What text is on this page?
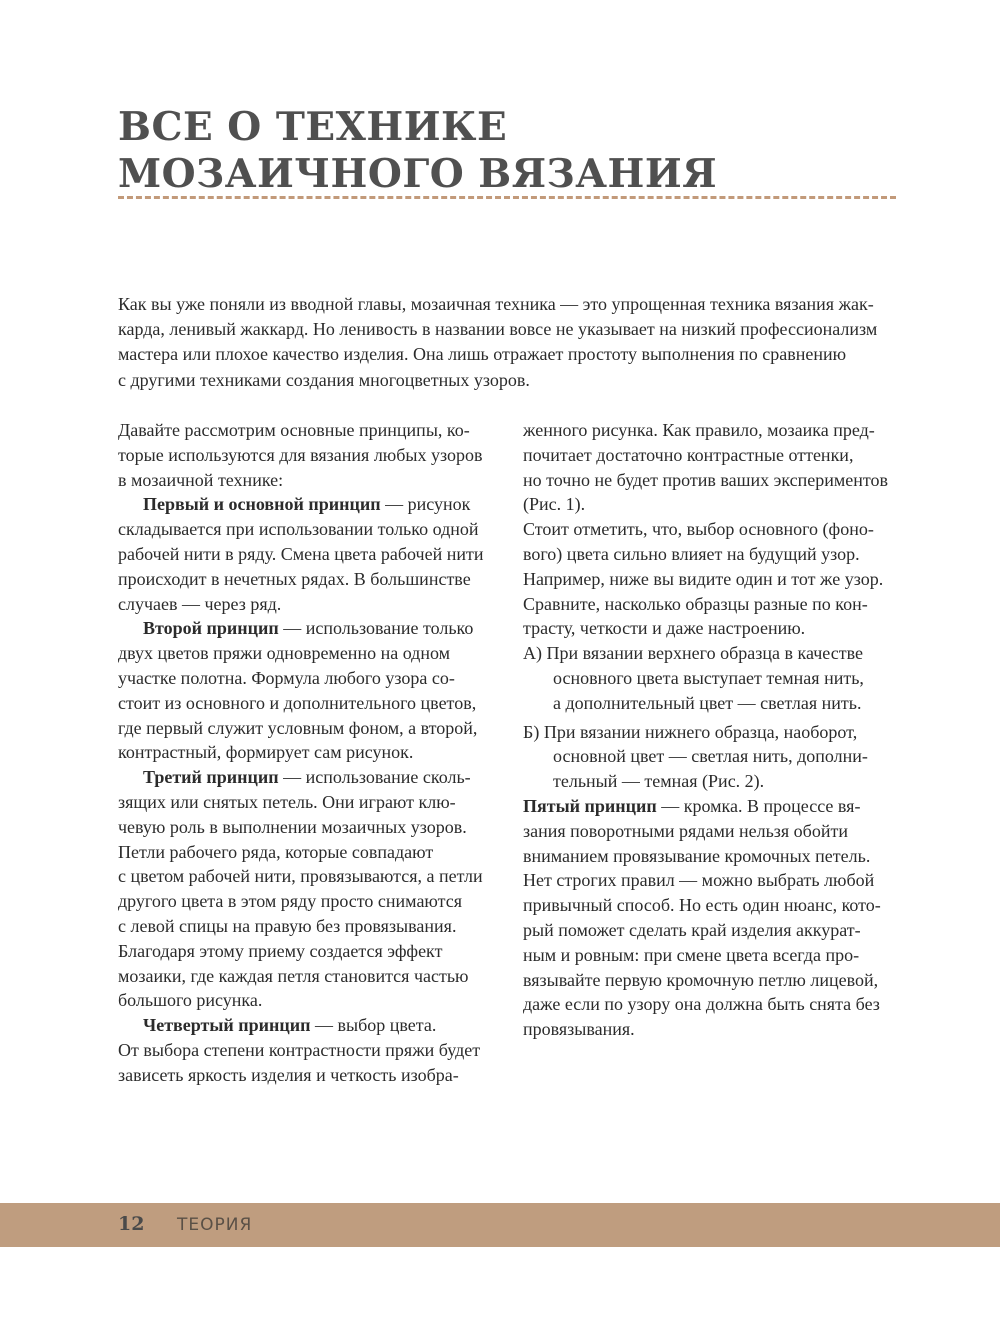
ВСЕ О ТЕХНИКЕ
МОЗАИЧНОГО ВЯЗАНИЯ
Как вы уже поняли из вводной главы, мозаичная техника — это упрощенная техника вязания жак-
карда, ленивый жаккард. Но ленивость в названии вовсе не указывает на низкий профессионализм
мастера или плохое качество изделия. Она лишь отражает простоту выполнения по сравнению
с другими техниками создания многоцветных узоров.
Давайте рассмотрим основные принципы, ко-
торые используются для вязания любых узоров
в мозаичной технике:
Первый и основной принцип — рисунок
складывается при использовании только одной
рабочей нити в ряду. Смена цвета рабочей нити
происходит в нечетных рядах. В большинстве
случаев — через ряд.
Второй принцип — использование только
двух цветов пряжи одновременно на одном
участке полотна. Формула любого узора со-
стоит из основного и дополнительного цветов,
где первый служит условным фоном, а второй,
контрастный, формирует сам рисунок.
Третий принцип — использование сколь-
зящих или снятых петель. Они играют клю-
чевую роль в выполнении мозаичных узоров.
Петли рабочего ряда, которые совпадают
с цветом рабочей нити, провязываются, а петли
другого цвета в этом ряду просто снимаются
с левой спицы на правую без провязывания.
Благодаря этому приему создается эффект
мозаики, где каждая петля становится частью
большого рисунка.
Четвертый принцип — выбор цвета.
От выбора степени контрастности пряжи будет
зависеть яркость изделия и четкость изобра-
женного рисунка. Как правило, мозаика пред-
почитает достаточно контрастные оттенки,
но точно не будет против ваших экспериментов
(Рис. 1).
Стоит отметить, что, выбор основного (фоно-
вого) цвета сильно влияет на будущий узор.
Например, ниже вы видите один и тот же узор.
Сравните, насколько образцы разные по кон-
трасту, четкости и даже настроению.
А) При вязании верхнего образца в качестве
основного цвета выступает темная нить,
а дополнительный цвет — светлая нить.
Б) При вязании нижнего образца, наоборот,
основной цвет — светлая нить, дополни-
тельный — темная (Рис. 2).
Пятый принцип — кромка. В процессе вя-
зания поворотными рядами нельзя обойти
вниманием провязывание кромочных петель.
Нет строгих правил — можно выбрать любой
привычный способ. Но есть один нюанс, кото-
рый поможет сделать край изделия аккурат-
ным и ровным: при смене цвета всегда про-
вязывайте первую кромочную петлю лицевой,
даже если по узору она должна быть снята без
провязывания.
12 ТЕОРИЯ
